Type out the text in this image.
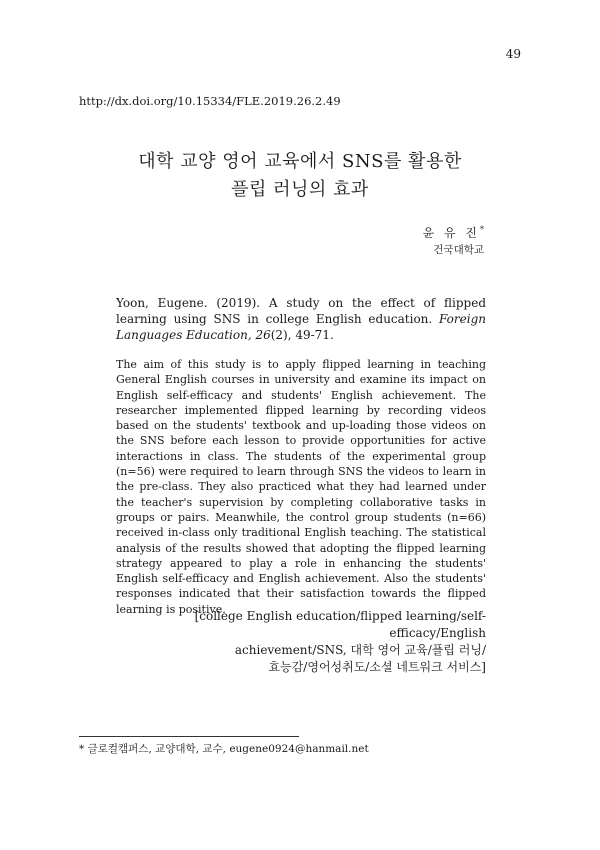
49
http://dx.doi.org/10.15334/FLE.2019.26.2.49
대학 교양 영어 교육에서 SNS를 활용한
플립 러닝의 효과
윤 유 진*
건국대학교
Yoon, Eugene. (2019). A study on the effect of flipped learning using SNS in college English education. Foreign Languages Education, 26(2), 49-71.
The aim of this study is to apply flipped learning in teaching General English courses in university and examine its impact on English self-efficacy and students' English achievement. The researcher implemented flipped learning by recording videos based on the students' textbook and up-loading those videos on the SNS before each lesson to provide opportunities for active interactions in class. The students of the experimental group (n=56) were required to learn through SNS the videos to learn in the pre-class. They also practiced what they had learned under the teacher's supervision by completing collaborative tasks in groups or pairs. Meanwhile, the control group students (n=66) received in-class only traditional English teaching. The statistical analysis of the results showed that adopting the flipped learning strategy appeared to play a role in enhancing the students' English self-efficacy and English achievement. Also the students' responses indicated that their satisfaction towards the flipped learning is positive.
[college English education/flipped learning/self-efficacy/English
achievement/SNS, 대학 영어 교육/플립 러닝/
효능감/영어성취도/소셜 네트워크 서비스]
* 글로컬캠퍼스, 교양대학, 교수, eugene0924@hanmail.net
